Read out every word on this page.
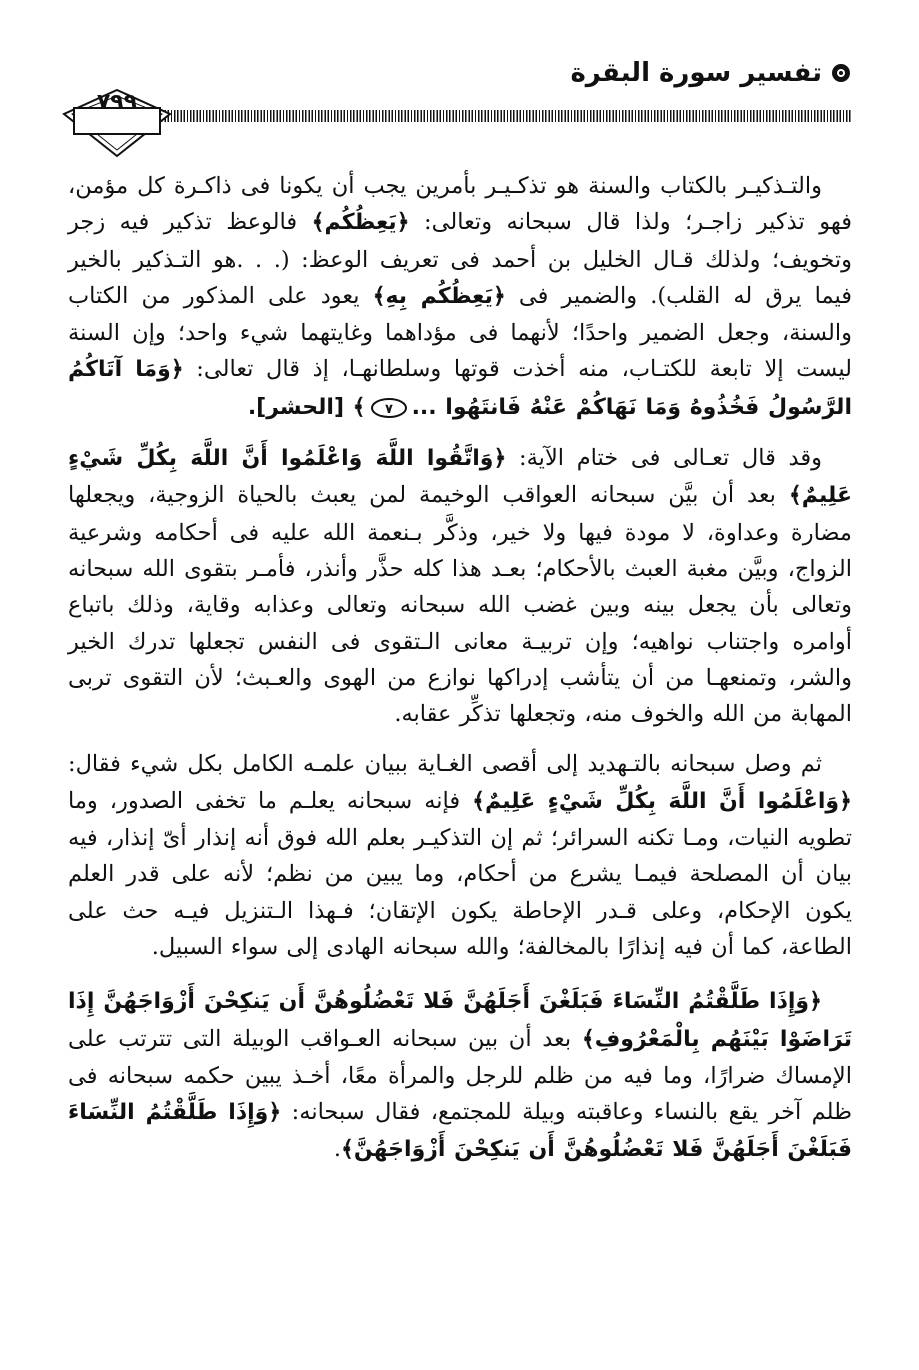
تفسير سورة البقرة
٧٩٩

والتـذكيـر بالكتاب والسنة هو تذكـيـر بأمرين يجب أن يكونا فى ذاكـرة كل مؤمن، فهو تذكير زاجـر؛ ولذا قال سبحانه وتعالى: ﴿يَعِظُكُم﴾ فالوعظ تذكير فيه زجر وتخويف؛ ولذلك قـال الخليل بن أحمد فى تعريف الوعظ: (. . .هو التـذكير بالخير فيما يرق له القلب). والضمير فى ﴿يَعِظُكُم بِهِ﴾ يعود على المذكور من الكتاب والسنة، وجعل الضمير واحدًا؛ لأنهما فى مؤداهما وغايتهما شيء واحد؛ وإن السنة ليست إلا تابعة للكتـاب، منه أخذت قوتها وسلطانهـا، إذ قال تعالى: ﴿وَمَا آتَاكُمُ الرَّسُولُ فَخُذُوهُ وَمَا نَهَاكُمْ عَنْهُ فَانتَهُوا ...
٧
﴾ [الحشر].

وقد قال تعـالى فى ختام الآية: ﴿وَاتَّقُوا اللَّهَ وَاعْلَمُوا أَنَّ اللَّهَ بِكُلِّ شَيْءٍ عَلِيمٌ﴾ بعد أن بيَّن سبحانه العواقب الوخيمة لمن يعبث بالحياة الزوجية، ويجعلها مضارة وعداوة، لا مودة فيها ولا خير، وذكَّر بـنعمة الله عليه فى أحكامه وشرعية الزواج، وبيَّن مغبة العبث بالأحكام؛ بعـد هذا كله حذَّر وأنذر، فأمـر بتقوى الله سبحانه وتعالى بأن يجعل بينه وبين غضب الله سبحانه وتعالى وعذابه وقاية، وذلك باتباع أوامره واجتناب نواهيه؛ وإن تربيـة معانى الـتقوى فى النفس تجعلها تدرك الخير والشر، وتمنعهـا من أن يتأشب إدراكها نوازع من الهوى والعـبث؛ لأن التقوى تربى المهابة من الله والخوف منه، وتجعلها تذكِّر عقابه.

ثم وصل سبحانه بالتـهديد إلى أقصى الغـاية ببيان علمـه الكامل بكل شيء فقال: ﴿وَاعْلَمُوا أَنَّ اللَّهَ بِكُلِّ شَيْءٍ عَلِيمٌ﴾ فإنه سبحانه يعلـم ما تخفى الصدور، وما تطويه النيات، ومـا تكنه السرائر؛ ثم إن التذكيـر بعلم الله فوق أنه إنذار أىّ إنذار، فيه بيان أن المصلحة فيمـا يشرع من أحكام، وما يبين من نظم؛ لأنه على قدر العلم يكون الإحكام، وعلى قـدر الإحاطة يكون الإتقان؛ فـهذا الـتنزيل فيـه حث على الطاعة، كما أن فيه إنذارًا بالمخالفة؛ والله سبحانه الهادى إلى سواء السبيل.

﴿وَإِذَا طَلَّقْتُمُ النِّسَاءَ فَبَلَغْنَ أَجَلَهُنَّ فَلا تَعْضُلُوهُنَّ أَن يَنكِحْنَ أَزْوَاجَهُنَّ إِذَا تَرَاضَوْا بَيْنَهُم بِالْمَعْرُوفِ﴾ بعد أن بين سبحانه العـواقب الوبيلة التى تترتب على الإمساك ضرارًا، وما فيه من ظلم للرجل والمرأة معًا، أخـذ يبين حكمه سبحانه فى ظلم آخر يقع بالنساء وعاقبته وبيلة للمجتمع، فقال سبحانه: ﴿وَإِذَا طَلَّقْتُمُ النِّسَاءَ فَبَلَغْنَ أَجَلَهُنَّ فَلا تَعْضُلُوهُنَّ أَن يَنكِحْنَ أَزْوَاجَهُنَّ﴾.
